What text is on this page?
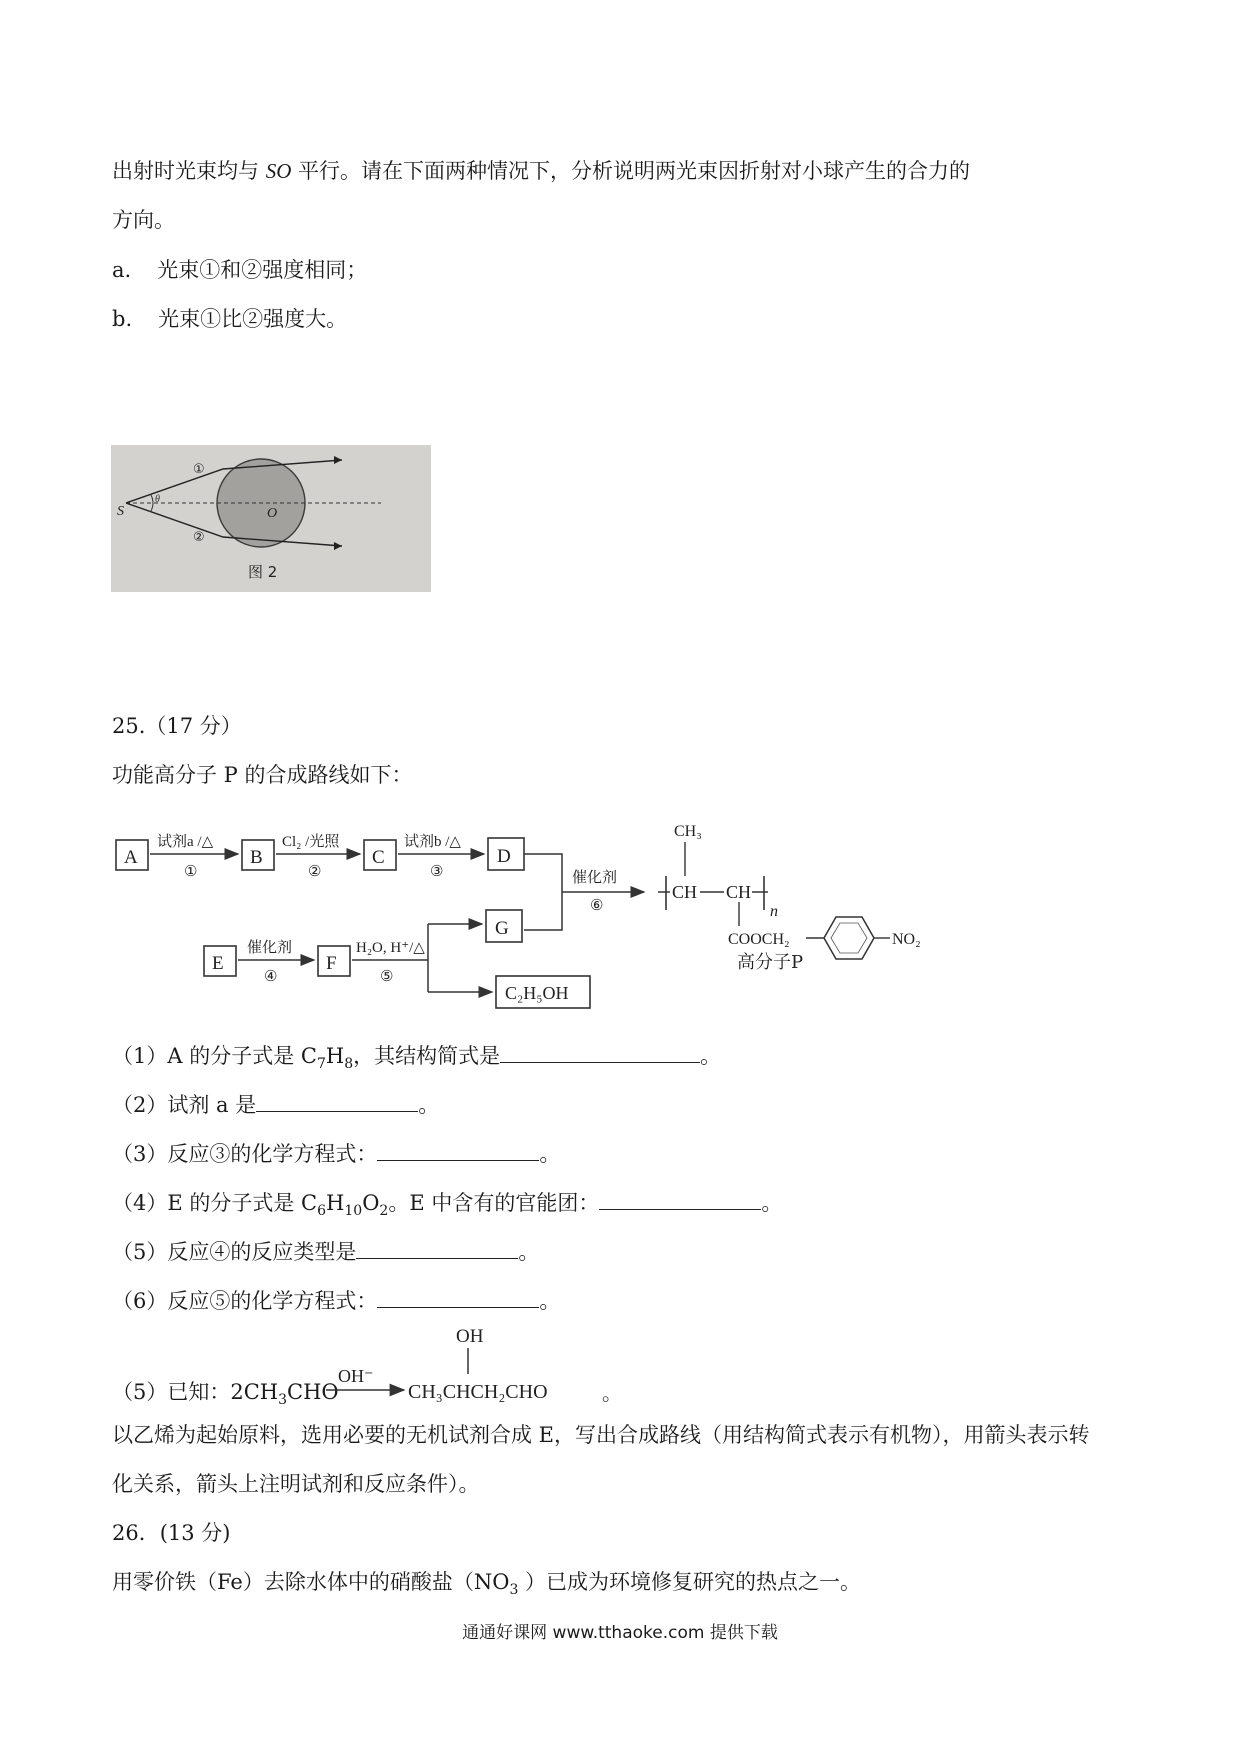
出射时光束均与 SO 平行。请在下面两种情况下，分析说明两光束因折射对小球产生的合力的
方向。
a. 光束①和②强度相同；
b. 光束①比②强度大。
S	O
①
②
θ
图 2
25.（17 分）
功能高分子 P 的合成路线如下：
A
试剂a /△
①
B
Cl₂ /光照
②
C
试剂b /△
③
D
催化剂
⑥
CH
CH₃
CH
n
COOCH₂	NO₂
高分子P
E
催化剂
④
F
H₂O, H⁺/△
⑤
G
C₂H₅OH
（1）A 的分子式是 $C_7H_8$，其结构简式是	。
（2）试剂 a 是	。
（3）反应③的化学方程式：	。
（4）E 的分子式是 $C_6H_{10}O_2$。E 中含有的官能团：	。
（5）反应④的反应类型是	。
（6）反应⑤的化学方程式：	。
（5）已知：$2CH_3CHO$
OH⁻
OH
CH₃CHCH₂CHO	。
以乙烯为起始原料，选用必要的无机试剂合成 E，写出合成路线（用结构简式表示有机物），用箭头表示转
化关系，箭头上注明试剂和反应条件）。
26．(13 分)
用零价铁（Fe）去除水体中的硝酸盐（$NO_3$ ）已成为环境修复研究的热点之一。
通通好课网 www.tthaoke.com 提供下载
